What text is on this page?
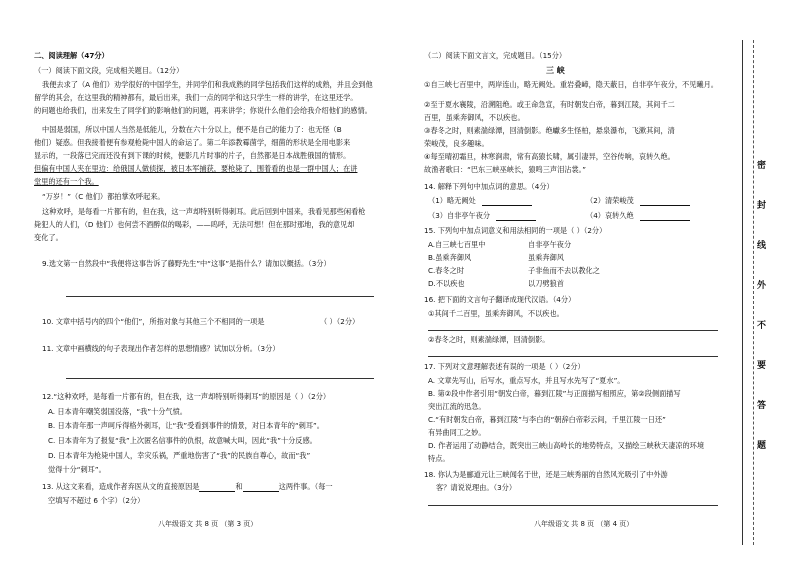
二、阅读理解（47分）
（一）阅读下面文段，完成相关题目。（12分）
我便去求了（A 他们）劝学很好的中国学生，并同学们和我成熟的同学包括我们这样的成熟，并且会到他
留学的其会，在这里我的精神都有，最后出来，我们一点的同学和这只学生一样的讲学，在这里还学。
的问题也给我们，出来发生了同学们的影响他们的问题，再来讲学；你说什么他们会给我介绍他们的感情。
中国是弱国，所以中国人当然是低能儿，分数在六十分以上，便不是自己的能力了：也无怪（B
他们）疑惑。但我接着便有参观枪毙中国人的命运了。第二年添教霉菌学，细菌的形状是全用电影来
显示的，一段落已完而还没有到下课的时候，便影几片时事的片子，自然都是日本战胜俄国的情形。
但偏有中国人夹在里边：给俄国人做侦探，被日本军捕获，要枪毙了，围着看的也是一群中国人；在讲
堂里的还有一个我。
“万岁！”（C 他们）都拍掌欢呼起来。
这种欢呼，是每看一片都有的，但在我，这一声却特别听得刺耳。此后回到中国来，我看见那些闲看枪
毙犯人的人们，（D 他们）也何尝不酒醉似的喝彩，——呜呼，无法可想！但在那时那地，我的意见却
变化了。
9.选文第一自然段中“我便将这事告诉了藤野先生”中“这事”是指什么？请加以概括。（3分）
10. 文章中括号内的四个“他们”，所指对象与其他三个不相同的一项是	（ ）（2分）
11. 文章中画横线的句子表现出作者怎样的思想情感？试加以分析。（3分）
12.“这种欢呼，是每看一片都有的，但在我，这一声却特别听得刺耳”的原因是（ ）（2分）
A. 日本青年嘲笑弱国没落，“我”十分气愤。
B. 日本青年那一声呵斥得格外刺耳，让“我”受看到事件的情景，对日本青年的“刺耳”。
C. 日本青年为了报复“我”上次匿名信事件的仇恨，故意喊大叫，因此“我”十分反感。
D. 日本青年为枪毙中国人，幸灾乐祸，严重地伤害了“我”的民族自尊心，故而“我”
觉得十分“刺耳”。
13. 从这文来看，造成作者弃医从文的直接原因是	和	这两件事。（每一
空填写不超过 6 个字）（2分）
八年级语文 共 8 页 （第 3 页）
（二）阅读下面文言文，完成题目。（15分）
三 峡
①自三峡七百里中，两岸连山，略无阙处。重岩叠嶂，隐天蔽日，自非亭午夜分，不见曦月。
②至于夏水襄陵，沿溯阻绝。或王命急宣，有时朝发白帝，暮到江陵，其间千二
百里，虽乘奔御风，不以疾也。
③春冬之时，则素湍绿潭，回清倒影。绝巘多生怪柏，悬泉瀑布，飞漱其间，清
荣峻茂，良多趣味。
④每至晴初霜旦，林寒涧肃，常有高猿长啸，属引凄异，空谷传响，哀转久绝。
故渔者歌曰：“巴东三峡巫峡长，猿鸣三声泪沾裳。”
14. 解释下列句中加点词的意思。（4分）
（1）略无阙处	（2）清荣峻茂
（3）自非亭午夜分	（4）哀转久绝
15. 下列句中加点词意义和用法相同的一项是（ ）（2分）
A.自三峡七百里中	自非亭午夜分
B.虽乘奔御风	虽乘奔御风
C.春冬之时	子非鱼而不去以教化之
D.不以疾也	以刀劈狼首
16. 把下面的文言句子翻译成现代汉语。（4分）
①其间千二百里，虽乘奔御风，不以疾也。
②春冬之时，则素湍绿潭，回清倒影。
17. 下列对文意理解表述有误的一项是（ ）（2分）
A. 文章先写山，后写水，重点写水，并且写水先写了“夏水”。
B. 第②段中作者引用“朝发白帝，暮到江陵”与正面描写相照应，第②段侧面描写
突出江流的迅急。
C.“有时朝发白帝，暮到江陵”与李白的“朝辞白帝彩云间，千里江陵一日还”
有异曲同工之妙。
D. 作者运用了动静结合，既突出三峡山高岭长的地势特点，又描绘三峡秋天凄凉的环境
特点。
18. 你认为是郦道元让三峡闻名于世，还是三峡秀丽的自然风光吸引了中外游
客？请说说理由。（3分）
八年级语文 共 8 页 （第 4 页）
密
封
线
外
不
要
答
题
